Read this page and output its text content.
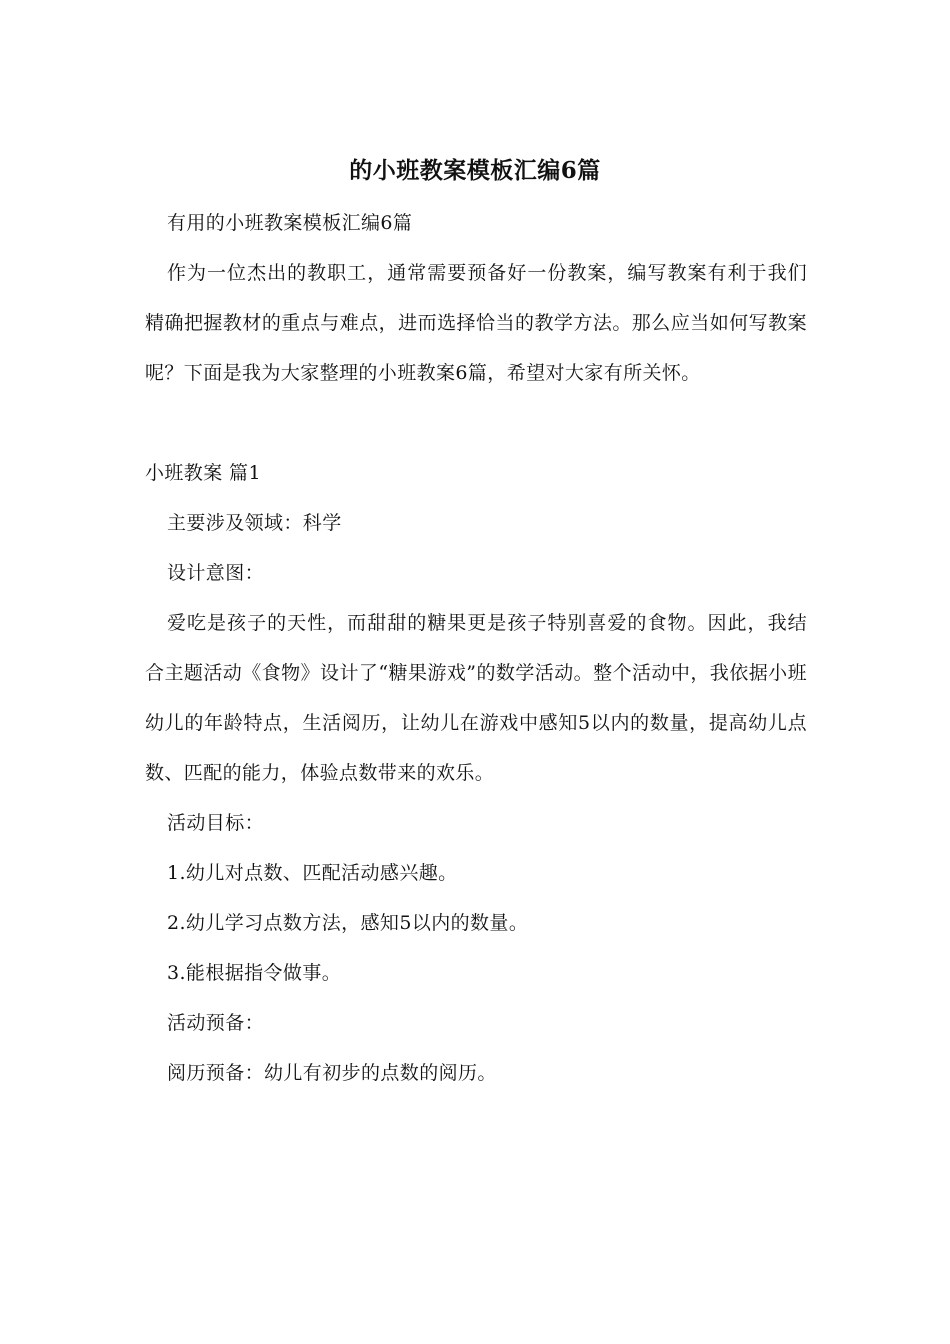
的小班教案模板汇编6篇

有用的小班教案模板汇编6篇

作为一位杰出的教职工，通常需要预备好一份教案，编写教案有利于我们精确把握教材的重点与难点，进而选择恰当的教学方法。那么应当如何写教案呢？下面是我为大家整理的小班教案6篇，希望对大家有所关怀。

小班教案 篇1

主要涉及领域：科学

设计意图：

爱吃是孩子的天性，而甜甜的糖果更是孩子特别喜爱的食物。因此，我结合主题活动《食物》设计了“糖果游戏”的数学活动。整个活动中，我依据小班幼儿的年龄特点，生活阅历，让幼儿在游戏中感知5以内的数量，提高幼儿点数、匹配的能力，体验点数带来的欢乐。

活动目标：

1.幼儿对点数、匹配活动感兴趣。

2.幼儿学习点数方法，感知5以内的数量。

3.能根据指令做事。

活动预备：

阅历预备：幼儿有初步的点数的阅历。
